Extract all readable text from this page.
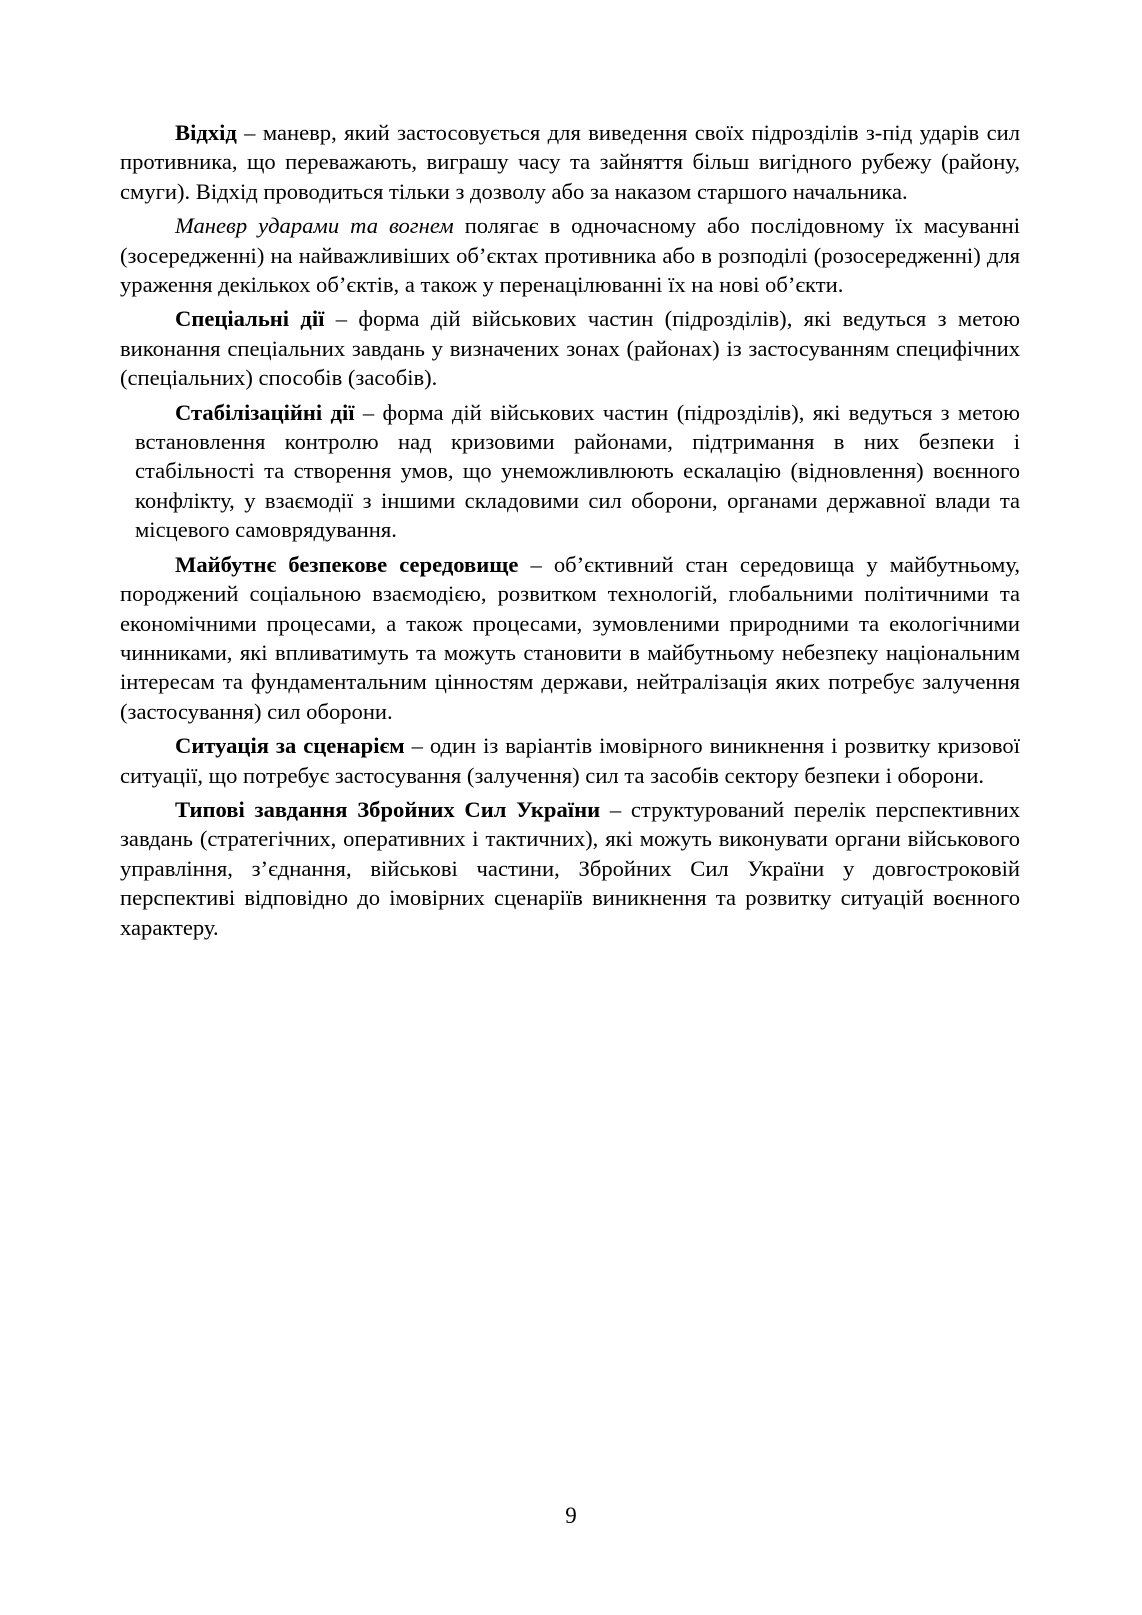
Відхід – маневр, який застосовується для виведення своїх підрозділів з-під ударів сил противника, що переважають, виграшу часу та зайняття більш вигідного рубежу (району, смуги). Відхід проводиться тільки з дозволу або за наказом старшого начальника.

Маневр ударами та вогнем полягає в одночасному або послідовному їх масуванні (зосередженні) на найважливіших об’єктах противника або в розподілі (розосередженні) для ураження декількох об’єктів, а також у перенацілюванні їх на нові об’єкти.

Спеціальні дії – форма дій військових частин (підрозділів), які ведуться з метою виконання спеціальних завдань у визначених зонах (районах) із застосуванням специфічних (спеціальних) способів (засобів).

Стабілізаційні дії – форма дій військових частин (підрозділів), які ведуться з метою встановлення контролю над кризовими районами, підтримання в них безпеки і стабільності та створення умов, що унеможливлюють ескалацію (відновлення) воєнного конфлікту, у взаємодії з іншими складовими сил оборони, органами державної влади та місцевого самоврядування.

Майбутнє безпекове середовище – об’єктивний стан середовища у майбутньому, породжений соціальною взаємодією, розвитком технологій, глобальними політичними та економічними процесами, а також процесами, зумовленими природними та екологічними чинниками, які впливатимуть та можуть становити в майбутньому небезпеку національним інтересам та фундаментальним цінностям держави, нейтралізація яких потребує залучення (застосування) сил оборони.

Ситуація за сценарієм – один із варіантів імовірного виникнення і розвитку кризової ситуації, що потребує застосування (залучення) сил та засобів сектору безпеки і оборони.

Типові завдання Збройних Сил України – структурований перелік перспективних завдань (стратегічних, оперативних і тактичних), які можуть виконувати органи військового управління, з’єднання, військові частини, Збройних Сил України у довгостроковій перспективі відповідно до імовірних сценаріїв виникнення та розвитку ситуацій воєнного характеру.

9
